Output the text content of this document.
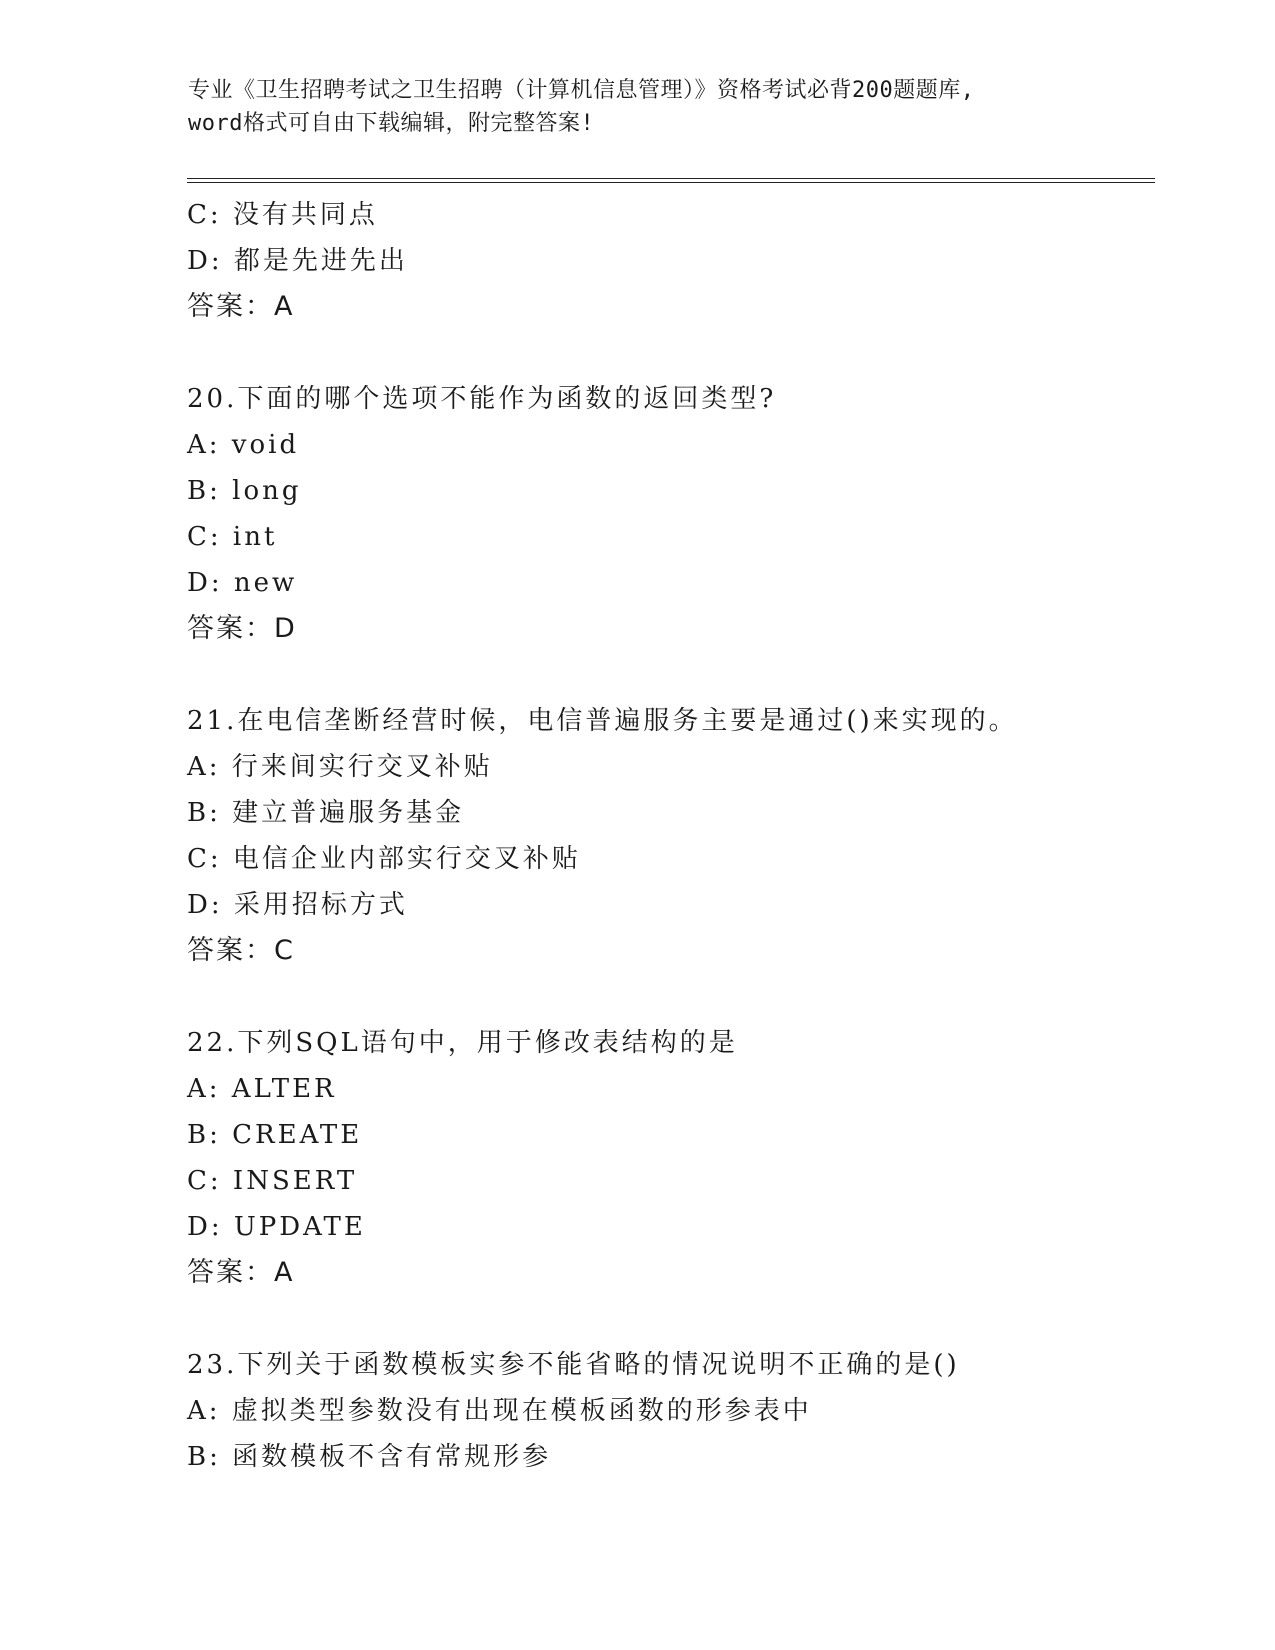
专业《卫生招聘考试之卫生招聘（计算机信息管理）》资格考试必背200题题库,
word格式可自由下载编辑，附完整答案!
C: 没有共同点
D: 都是先进先出
答案：A
20.下面的哪个选项不能作为函数的返回类型?
A: void
B: long
C: int
D: new
答案：D
21.在电信垄断经营时候，电信普遍服务主要是通过()来实现的。
A: 行来间实行交叉补贴
B: 建立普遍服务基金
C: 电信企业内部实行交叉补贴
D: 采用招标方式
答案：C
22.下列SQL语句中，用于修改表结构的是
A: ALTER
B: CREATE
C: INSERT
D: UPDATE
答案：A
23.下列关于函数模板实参不能省略的情况说明不正确的是()
A: 虚拟类型参数没有出现在模板函数的形参表中
B: 函数模板不含有常规形参
